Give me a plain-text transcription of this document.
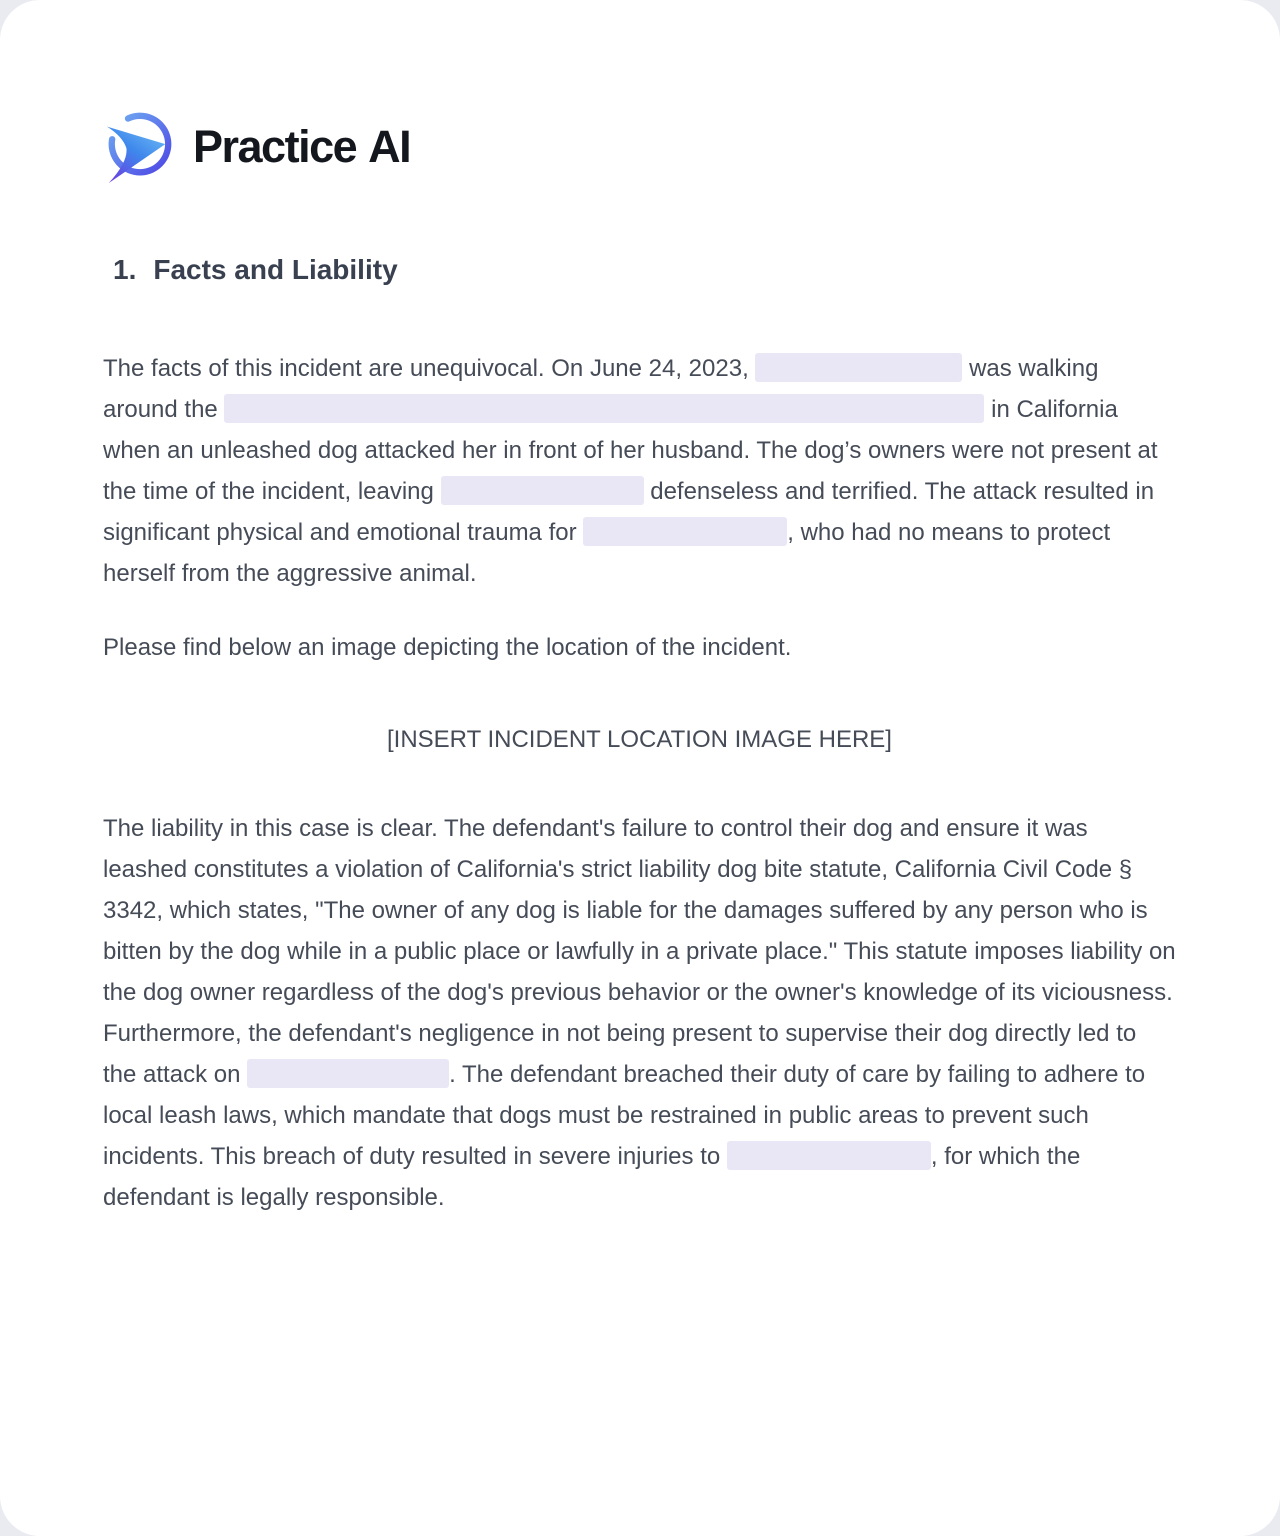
Practice AI
1. Facts and Liability

The facts of this incident are unequivocal. On June 24, 2023,	was walking around the	in California when an unleashed dog attacked her in front of her husband. The dog’s owners were not present at the time of the incident, leaving	defenseless and terrified. The attack resulted in significant physical and emotional trauma for	, who had no means to protect herself from the aggressive animal.

Please find below an image depicting the location of the incident.

[INSERT INCIDENT LOCATION IMAGE HERE]

The liability in this case is clear. The defendant's failure to control their dog and ensure it was leashed constitutes a violation of California's strict liability dog bite statute, California Civil Code § 3342, which states, "The owner of any dog is liable for the damages suffered by any person who is bitten by the dog while in a public place or lawfully in a private place." This statute imposes liability on the dog owner regardless of the dog's previous behavior or the owner's knowledge of its viciousness. Furthermore, the defendant's negligence in not being present to supervise their dog directly led to the attack on	. The defendant breached their duty of care by failing to adhere to local leash laws, which mandate that dogs must be restrained in public areas to prevent such incidents. This breach of duty resulted in severe injuries to	, for which the defendant is legally responsible.
